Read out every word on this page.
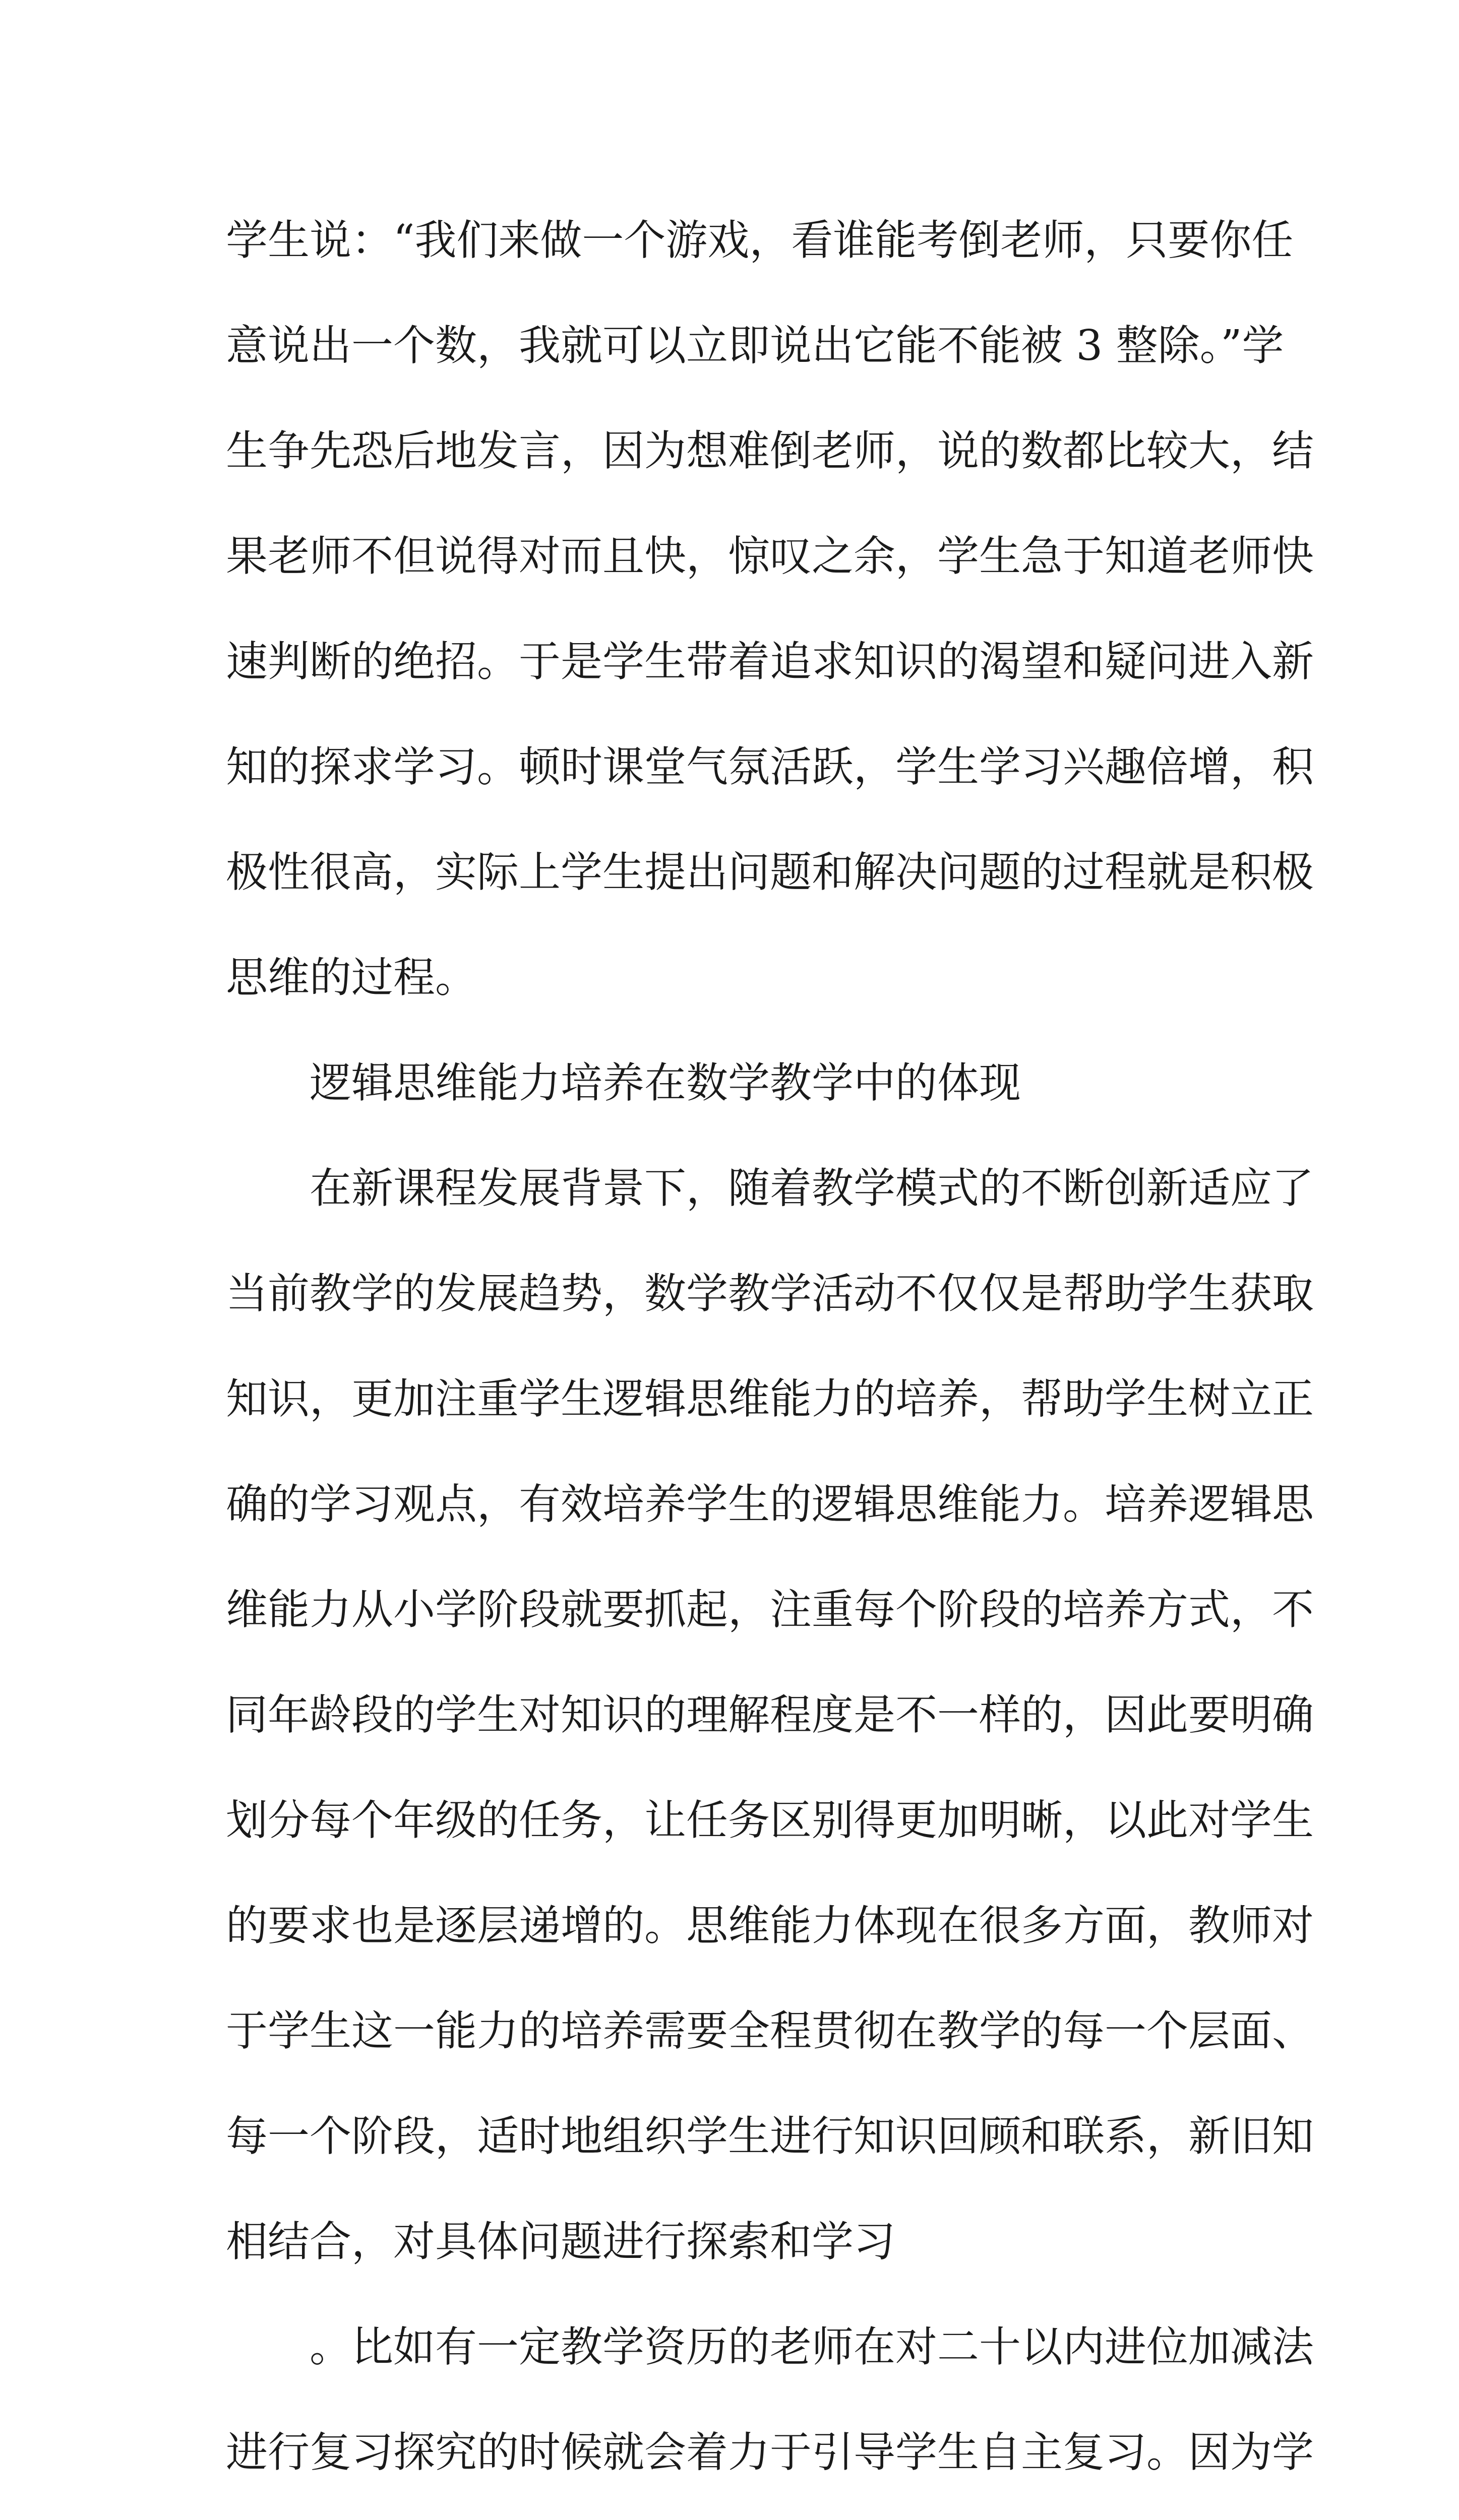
学生说：“我们来做一个游戏，看谁能考倒老师，只要你任
意说出一个数，我就可以立即说出它能不能被 3 整除。”学
生争先恐后地发言，因为想难倒老师，说的数都比较大，结
果老师不但说得对而且快，惊叹之余，学生急于知道老师快
速判断的绝招。于是学生带着追求知识的渴望和疑问进入新
知的探求学习。顿时课堂气氛活跃，学生学习兴趣倍增，积
极性很高，实际上学生提出问题和解决问题的过程就是积极
思维的过程。
逻辑思维能力培养在数学教学中的体现
在新课程发展背景下，随着教学模式的不断创新适应了
当前教学的发展趋势，数学教学活动不仅仅是帮助学生获取
知识，更加注重学生逻辑思维能力的培养，帮助学生树立正
确的学习观点，有效培养学生的逻辑思维能力。培养逻辑思
维能力从小学阶段就要抓起，注重每个阶段的培养方式，不
同年龄段的学生对知识的理解程度是不一样的，因此要明确
划分每个年级的任务，让任务区别得更加明晰，以此对学生
的要求也是逐层递增的。思维能力体现在很多方面，教师对
于学生这一能力的培养需要全程贯彻在教学的每一个层面、
每一个阶段，适时地组织学生进行知识回顾和联系，新旧知
相结合，对具体问题进行探索和学习
。比如有一定教学资历的老师在对二十以内进位加减法
进行复习探究的时候就会着力于引导学生自主复习。因为学
